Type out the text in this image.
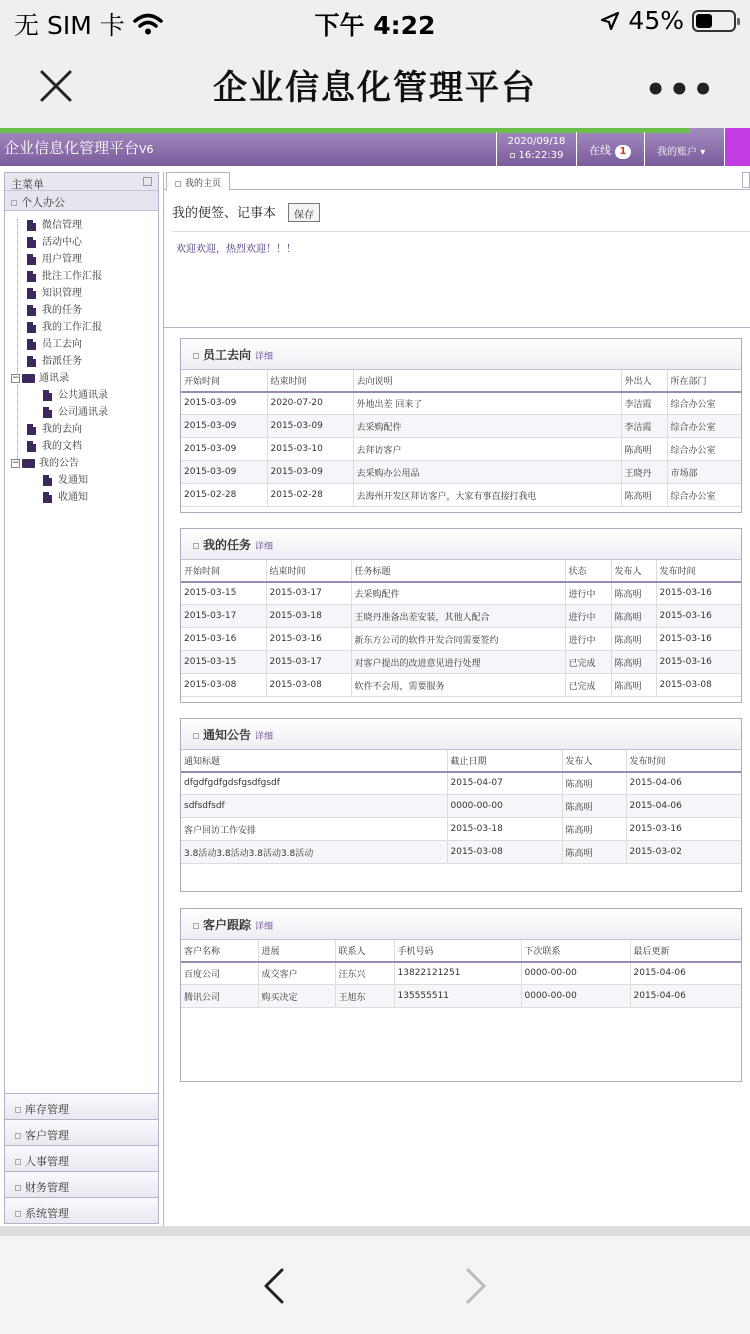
无 SIM 卡	下午 4:22	45%
企业信息化管理平台	•••
企业信息化管理平台V6
2020/09/18
16:22:39	在线 1	我的账户 ▾
主菜单
个人办公
微信管理
活动中心
用户管理
批注工作汇报
知识管理
我的任务
我的工作汇报
员工去向
指派任务
− 通讯录
公共通讯录
公司通讯录
我的去向
我的文档
− 我的公告
发通知
收通知
库存管理
客户管理
人事管理
财务管理
系统管理
我的主页
我的便签、记事本	保存
欢迎欢迎，热烈欢迎！！！
员工去向 详细
开始时间	结束时间	去向说明	外出人	所在部门
2015-03-09	2020-07-20	外地出差 回来了	李洁霞	综合办公室
2015-03-09	2015-03-09	去采购配件	李洁霞	综合办公室
2015-03-09	2015-03-10	去拜访客户	陈高明	综合办公室
2015-03-09	2015-03-09	去采购办公用品	王晓丹	市场部
2015-02-28	2015-02-28	去海州开发区拜访客户，大家有事直接打我电	陈高明	综合办公室
我的任务 详细
开始时间	结束时间	任务标题	状态	发布人	发布时间
2015-03-15	2015-03-17	去采购配件	进行中	陈高明	2015-03-16
2015-03-17	2015-03-18	王晓丹准备出差安装，其他人配合	进行中	陈高明	2015-03-16
2015-03-16	2015-03-16	新东方公司的软件开发合同需要签约	进行中	陈高明	2015-03-16
2015-03-15	2015-03-17	对客户提出的改进意见进行处理	已完成	陈高明	2015-03-16
2015-03-08	2015-03-08	软件不会用，需要服务	已完成	陈高明	2015-03-08
通知公告 详细
通知标题	截止日期	发布人	发布时间
dfgdfgdfgdsfgsdfgsdf	2015-04-07	陈高明	2015-04-06
sdfsdfsdf	0000-00-00	陈高明	2015-04-06
客户回访工作安排	2015-03-18	陈高明	2015-03-16
3.8活动3.8活动3.8活动3.8活动	2015-03-08	陈高明	2015-03-02
客户跟踪 详细
客户名称	进展	联系人	手机号码	下次联系	最后更新
百度公司	成交客户	汪东兴	13822121251	0000-00-00	2015-04-06
腾讯公司	购买决定	王旭东	135555511	0000-00-00	2015-04-06
